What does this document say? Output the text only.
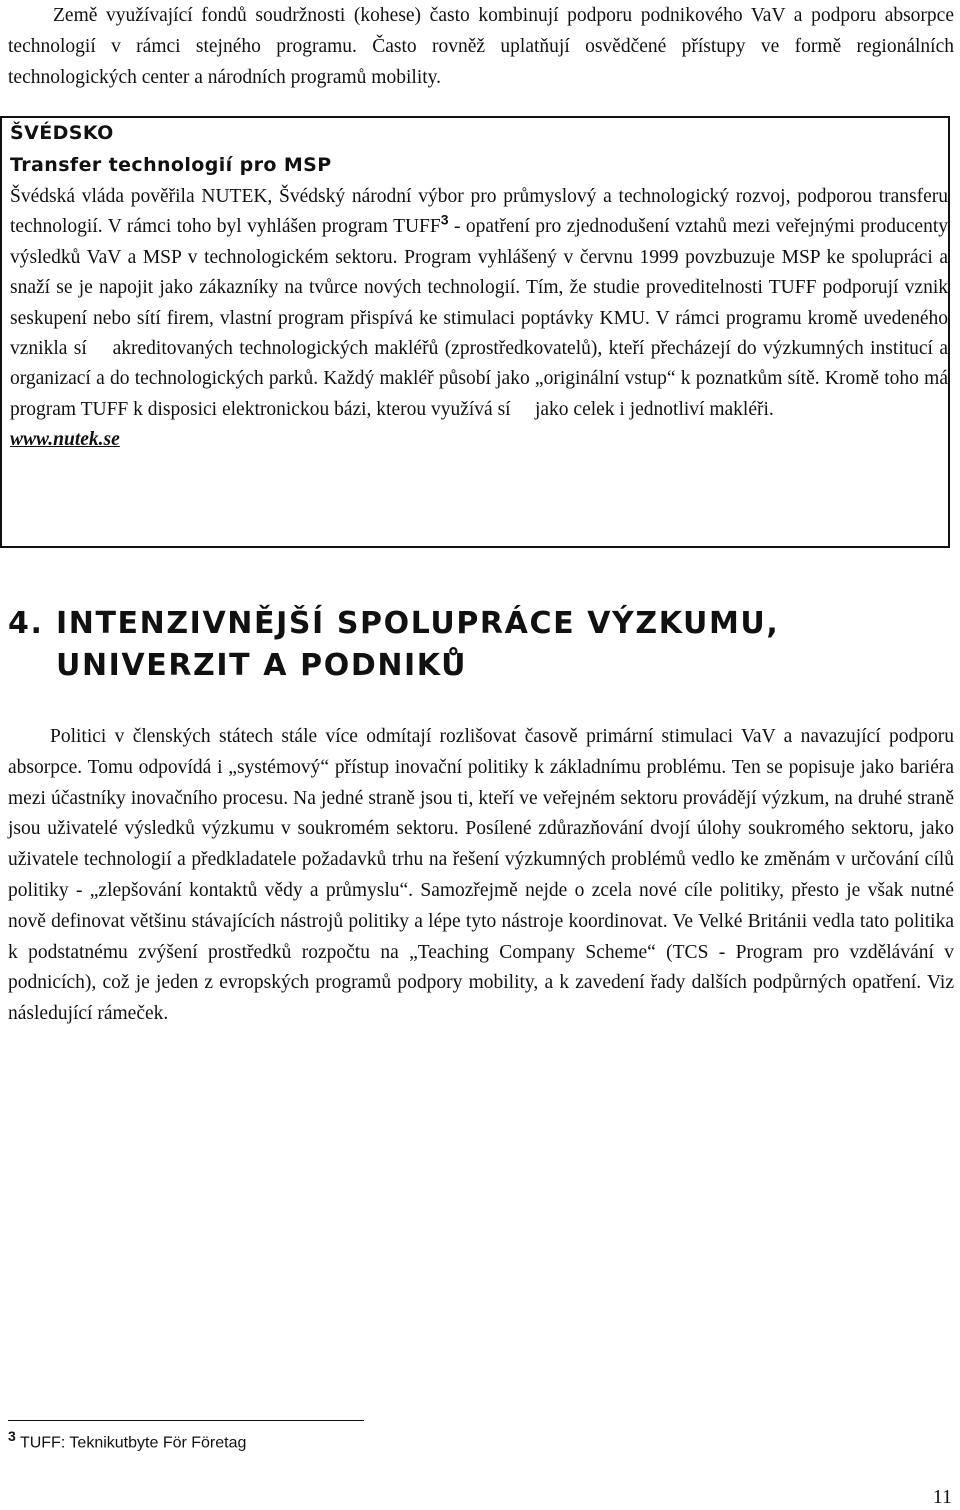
Země využívající fondů soudržnosti (kohese) často kombinují podporu podnikového VaV a podporu absorpce technologií v rámci stejného programu. Často rovněž uplatňují osvědčené přístupy ve formě regionálních technologických center a národních programů mobility.

ŠVÉDSKO
Transfer technologií pro MSP

Švédská vláda pověřila NUTEK, Švédský národní výbor pro průmyslový a technologický rozvoj, podporou transferu technologií. V rámci toho byl vyhlášen program TUFF$^3$ - opatření pro zjednodušení vztahů mezi veřejnými producenty výsledků VaV a MSP v technologickém sektoru. Program vyhlášený v červnu 1999 povzbuzuje MSP ke spolupráci a snaží se je napojit jako zákazníky na tvůrce nových technologií. Tím, že studie proveditelnosti TUFF podporují vznik seskupení nebo sítí firem, vlastní program přispívá ke stimulaci poptávky KMU. V rámci programu kromě uvedeného vznikla sí  akreditovaných technologických makléřů (zprostředkovatelů), kteří přecházejí do výzkumných institucí a organizací a do technologických parků. Každý makléř působí jako „originální vstup“ k poznatkům sítě. Kromě toho má program TUFF k disposici elektronickou bázi, kterou využívá sí  jako celek i jednotliví makléři.
www.nutek.se

4. INTENZIVNĚJŠÍ SPOLUPRÁCE VÝZKUMU,
UNIVERZIT A PODNIKŮ

Politici v členských státech stále více odmítají rozlišovat časově primární stimulaci VaV a navazující podporu absorpce. Tomu odpovídá i „systémový“ přístup inovační politiky k základnímu problému. Ten se popisuje jako bariéra mezi účastníky inovačního procesu. Na jedné straně jsou ti, kteří ve veřejném sektoru provádějí výzkum, na druhé straně jsou uživatelé výsledků výzkumu v soukromém sektoru. Posílené zdůrazňování dvojí úlohy soukromého sektoru, jako uživatele technologií a předkladatele požadavků trhu na řešení výzkumných problémů vedlo ke změnám v určování cílů politiky - „zlepšování kontaktů vědy a průmyslu“. Samozřejmě nejde o zcela nové cíle politiky, přesto je však nutné nově definovat většinu stávajících nástrojů politiky a lépe tyto nástroje koordinovat. Ve Velké Británii vedla tato politika k podstatnému zvýšení prostředků rozpočtu na „Teaching Company Scheme“ (TCS - Program pro vzdělávání v podnicích), což je jeden z evropských programů podpory mobility, a k zavedení řady dalších podpůrných opatření. Viz následující rámeček.

$^3$ TUFF: Teknikutbyte För Företag

11
